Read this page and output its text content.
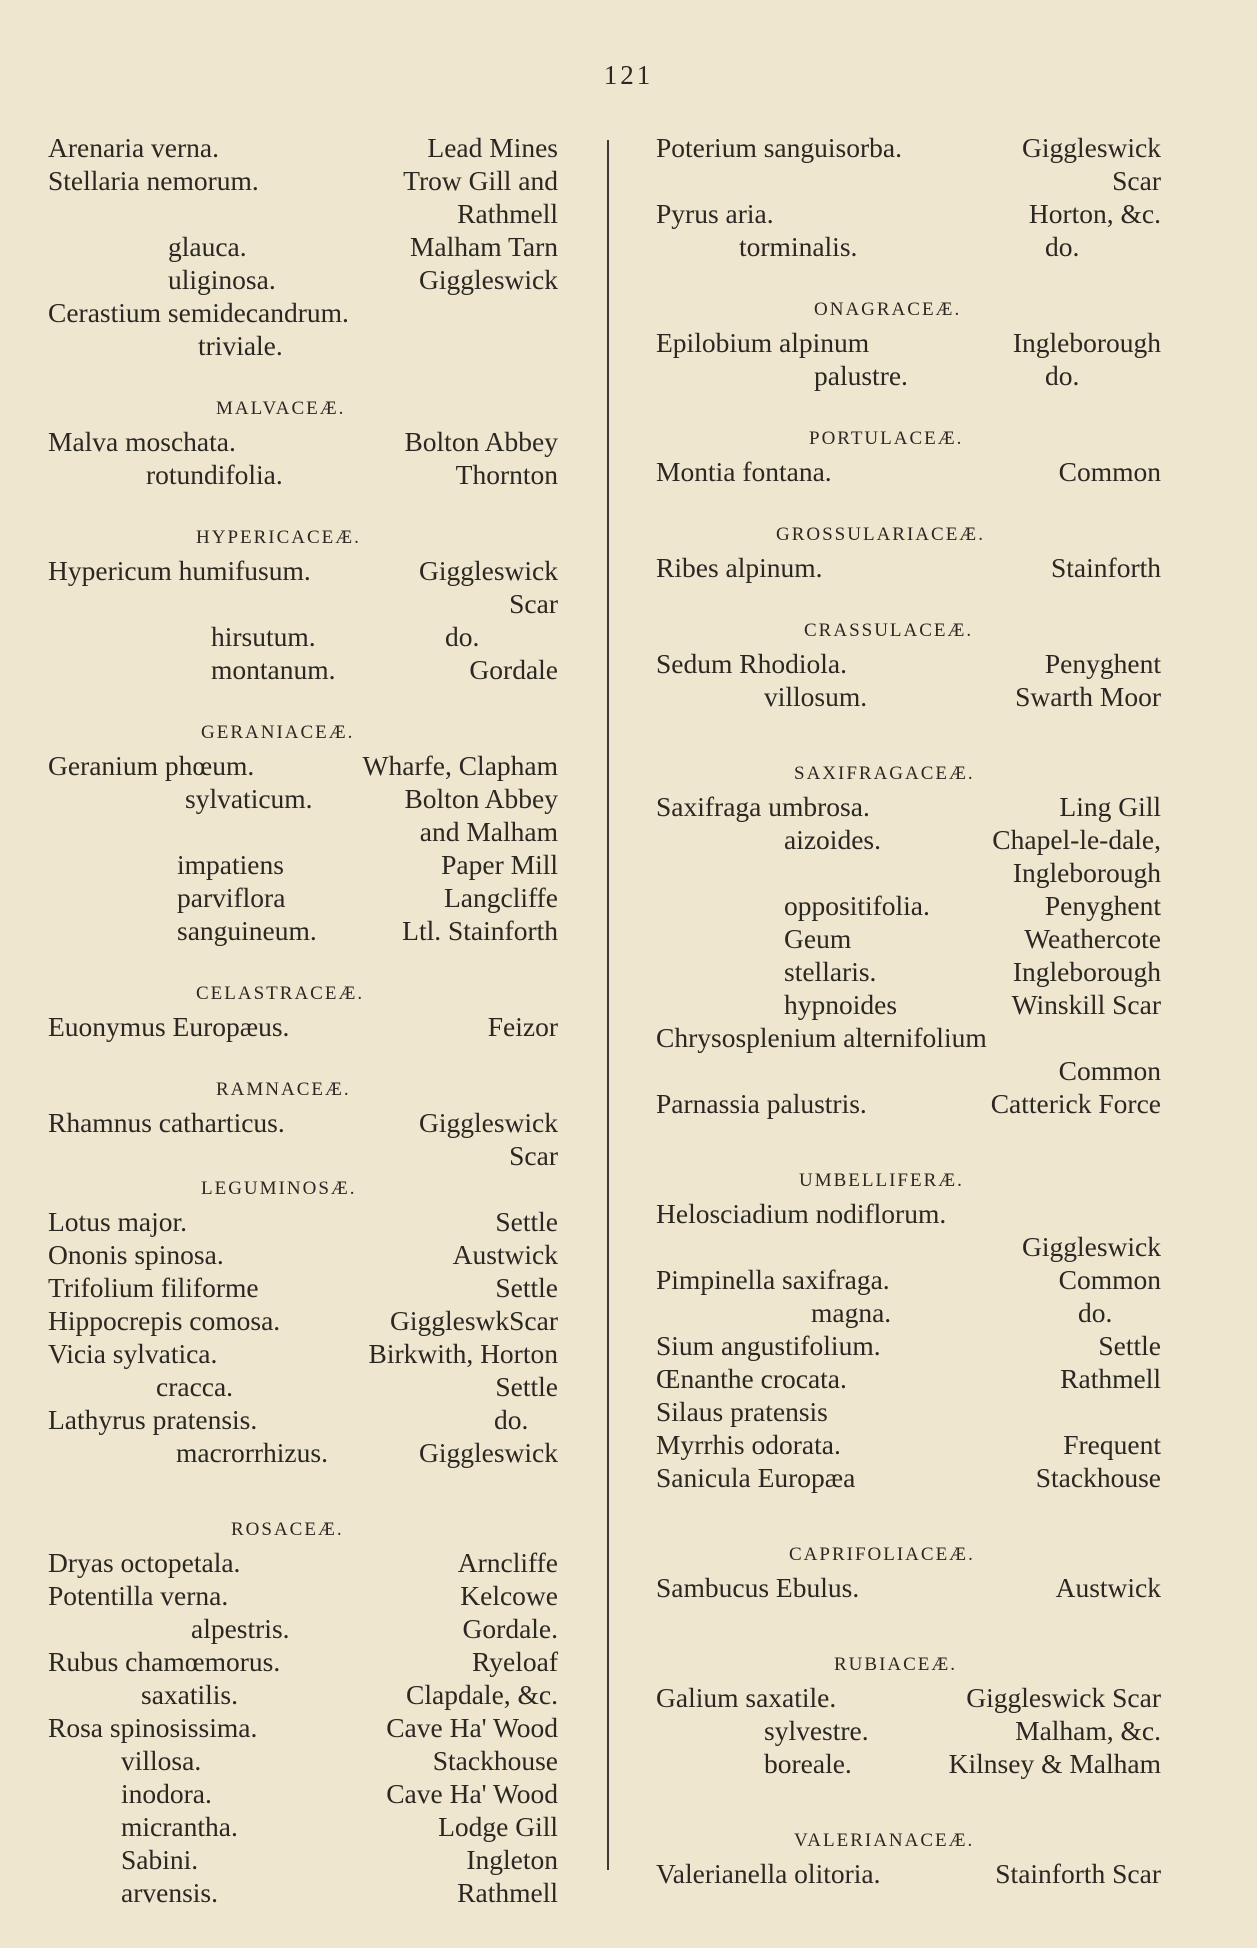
121
Arenaria verna.	Lead Mines
Stellaria nemorum.	Trow Gill and
Rathmell
glauca.	Malham Tarn
uliginosa.	Giggleswick
Cerastium semidecandrum.
triviale.
MALVACEÆ.
Malva moschata.	Bolton Abbey
rotundifolia.	Thornton
HYPERICACEÆ.
Hypericum humifusum.	Giggleswick
Scar
hirsutum.	do.
montanum.	Gordale
GERANIACEÆ.
Geranium phœum.	Wharfe, Clapham
sylvaticum.	Bolton Abbey
and Malham
impatiens	Paper Mill
parviflora	Langcliffe
sanguineum.	Ltl. Stainforth
CELASTRACEÆ.
Euonymus Europæus.	Feizor
RAMNACEÆ.
Rhamnus catharticus.	Giggleswick
Scar
LEGUMINOSÆ.
Lotus major.	Settle
Ononis spinosa.	Austwick
Trifolium filiforme	Settle
Hippocrepis comosa.	GiggleswkScar
Vicia sylvatica.	Birkwith, Horton
cracca.	Settle
Lathyrus pratensis.	do.
macrorrhizus.	Giggleswick
ROSACEÆ.
Dryas octopetala.	Arncliffe
Potentilla verna.	Kelcowe
alpestris.	Gordale.
Rubus chamœmorus.	Ryeloaf
saxatilis.	Clapdale, &c.
Rosa spinosissima.	Cave Ha' Wood
villosa.	Stackhouse
inodora.	Cave Ha' Wood
micrantha.	Lodge Gill
Sabini.	Ingleton
arvensis.	Rathmell
Poterium sanguisorba.	Giggleswick
Scar
Pyrus aria.	Horton, &c.
torminalis.	do.
ONAGRACEÆ.
Epilobium alpinum	Ingleborough
palustre.	do.
PORTULACEÆ.
Montia fontana.	Common
GROSSULARIACEÆ.
Ribes alpinum.	Stainforth
CRASSULACEÆ.
Sedum Rhodiola.	Penyghent
villosum.	Swarth Moor
SAXIFRAGACEÆ.
Saxifraga umbrosa.	Ling Gill
aizoides.	Chapel-le-dale,
Ingleborough
oppositifolia.	Penyghent
Geum	Weathercote
stellaris.	Ingleborough
hypnoides	Winskill Scar
Chrysosplenium alternifolium
Common
Parnassia palustris.	Catterick Force
UMBELLIFERÆ.
Helosciadium nodiflorum.
Giggleswick
Pimpinella saxifraga.	Common
magna.	do.
Sium angustifolium.	Settle
Œnanthe crocata.	Rathmell
Silaus pratensis
Myrrhis odorata.	Frequent
Sanicula Europæa	Stackhouse
CAPRIFOLIACEÆ.
Sambucus Ebulus.	Austwick
RUBIACEÆ.
Galium saxatile.	Giggleswick Scar
sylvestre.	Malham, &c.
boreale.	Kilnsey & Malham
VALERIANACEÆ.
Valerianella olitoria.	Stainforth Scar
